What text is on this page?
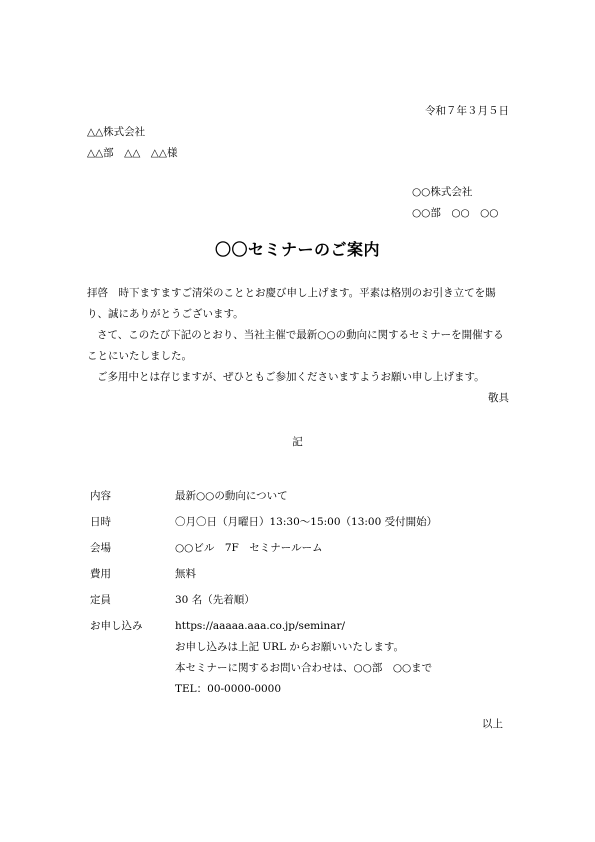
令和７年３月５日
△△株式会社
△△部　△△　△△様
○○株式会社
○○部　○○　○○
〇〇セミナーのご案内

拝啓　時下ますますご清栄のこととお慶び申し上げます。平素は格別のお引き立てを賜り、誠にありがとうございます。

さて、このたび下記のとおり、当社主催で最新○○の動向に関するセミナーを開催することにいたしました。

ご多用中とは存じますが、ぜひともご参加くださいますようお願い申し上げます。

敬具
記
内容	最新○○の動向について
日時	〇月〇日（月曜日）13:30～15:00（13:00 受付開始）
会場	○○ビル　7F　セミナールーム
費用	無料
定員	30 名（先着順）
お申し込み	https://aaaaa.aaa.co.jp/seminar/
お申し込みは上記 URL からお願いいたします。
本セミナーに関するお問い合わせは、○○部　○○まで
TEL：00-0000-0000
以上
